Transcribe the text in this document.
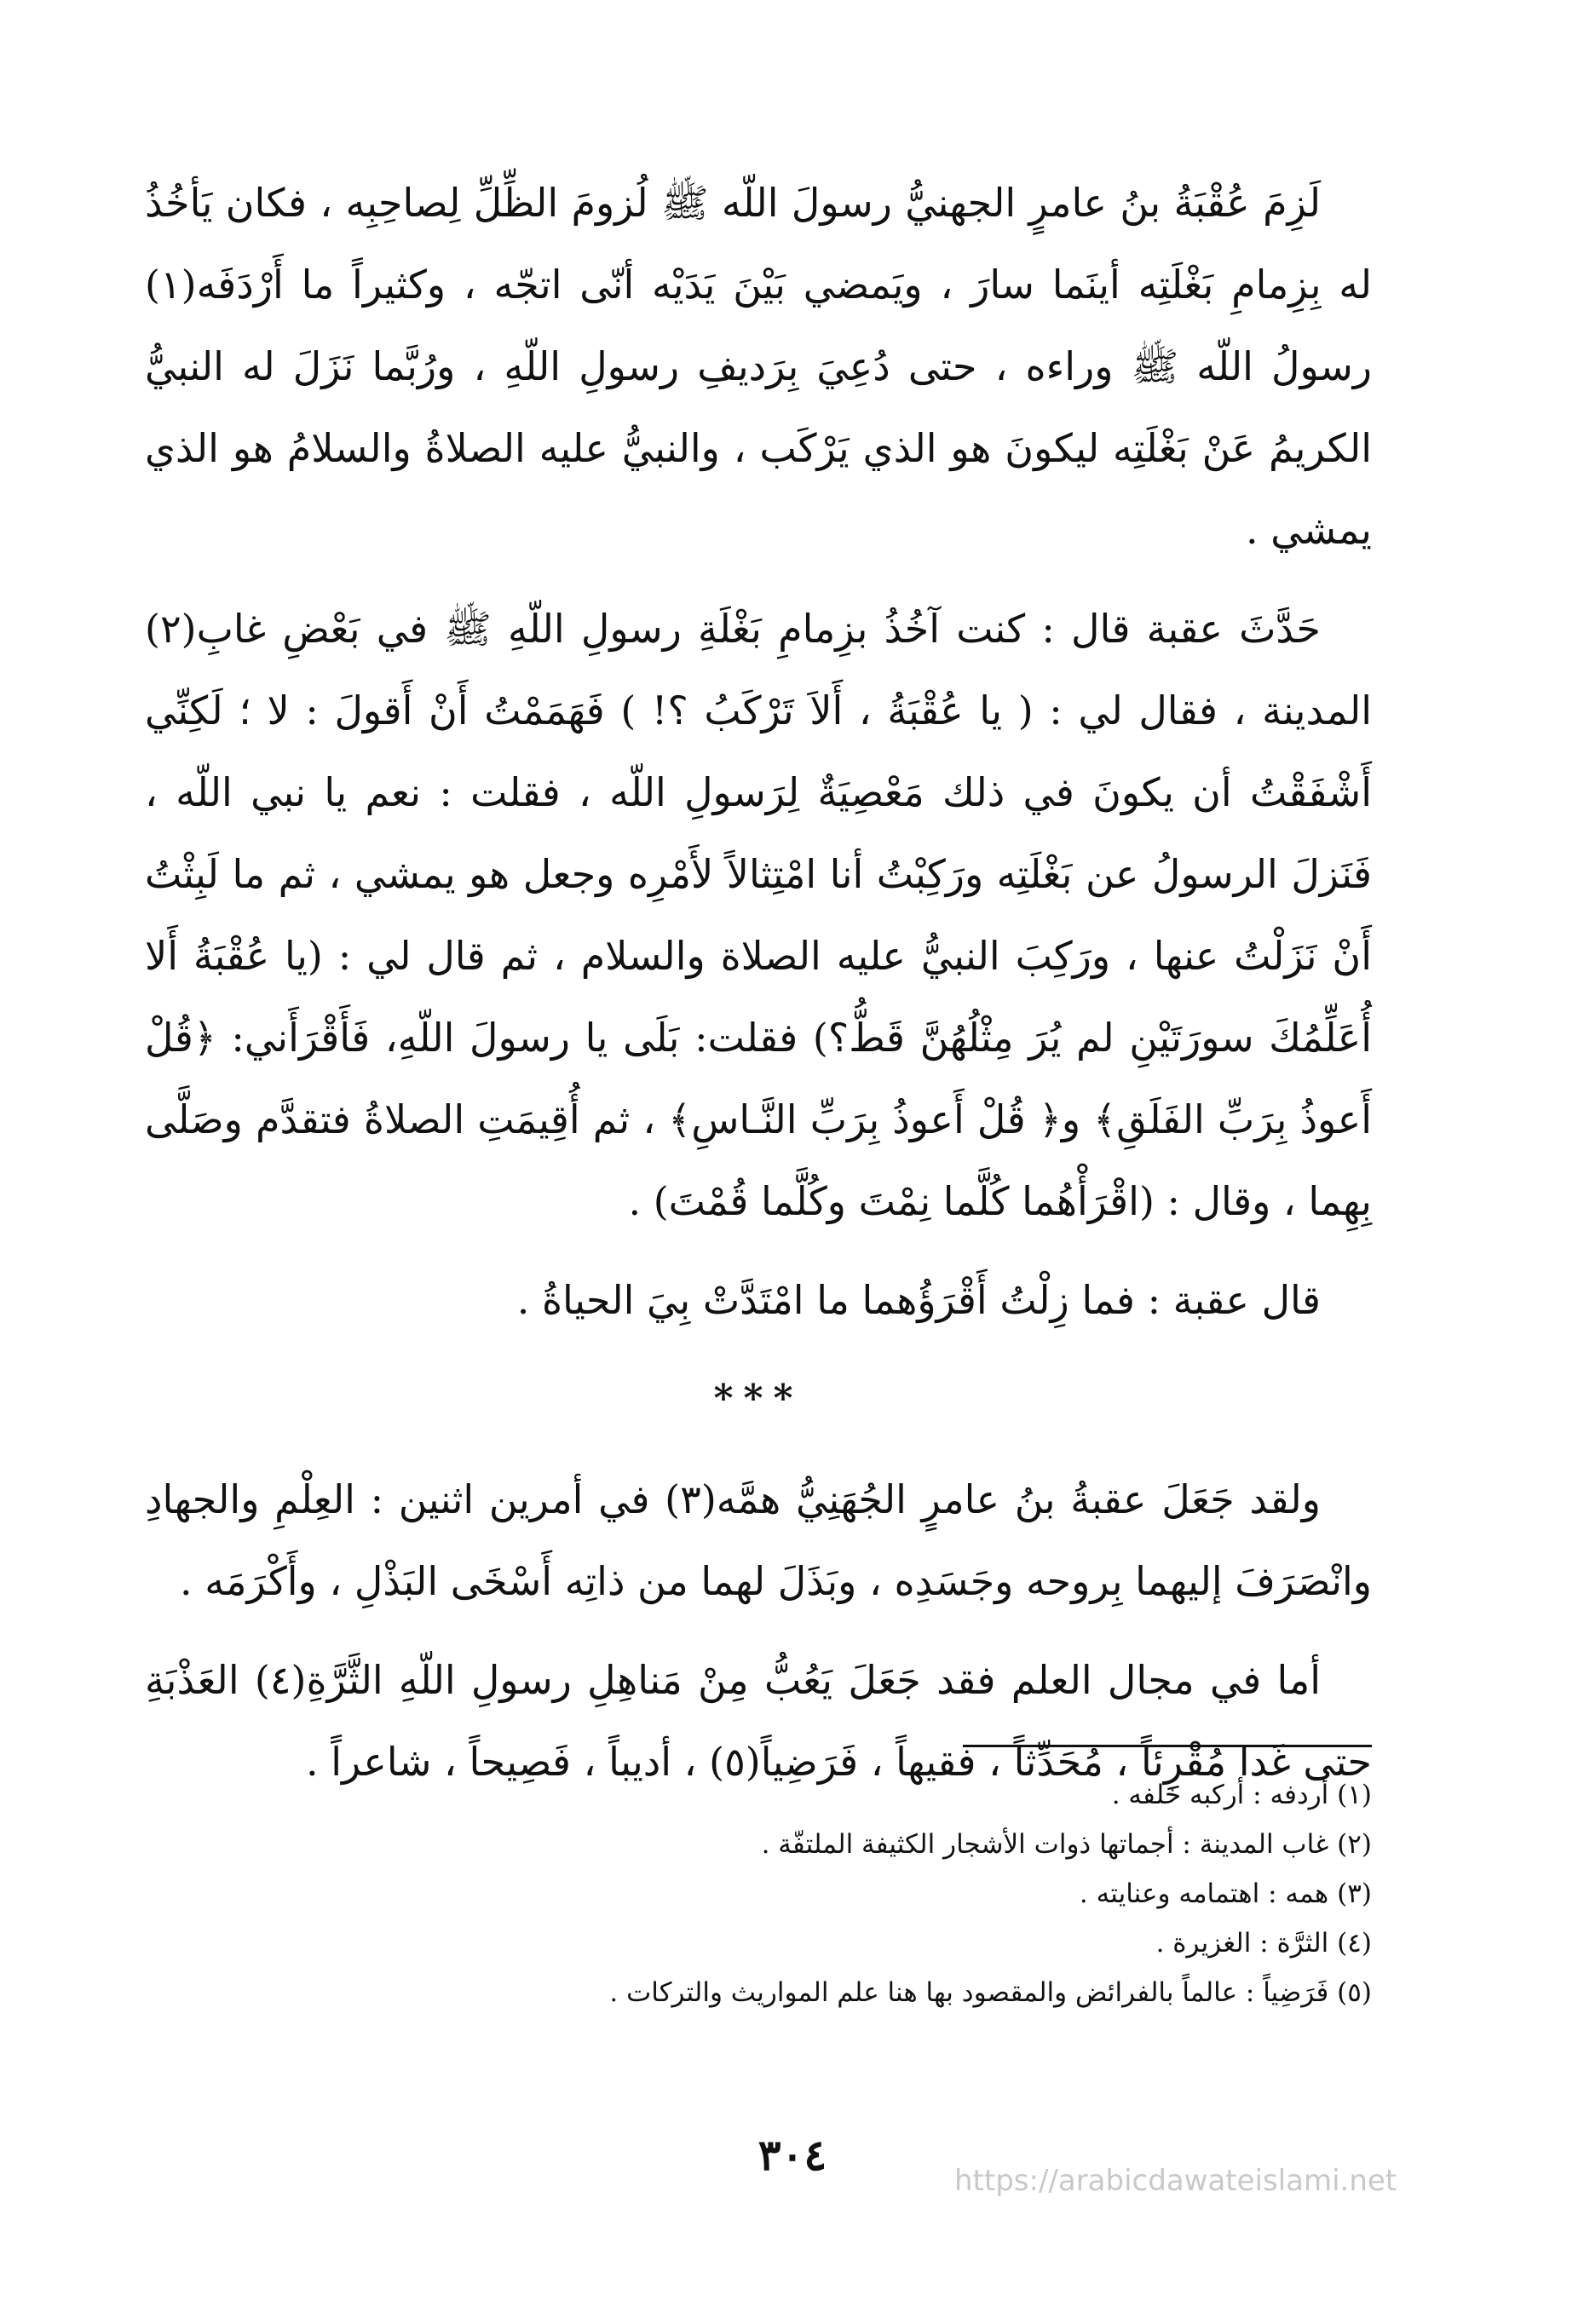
لَزِمَ عُقْبَةُ بنُ عامرٍ الجهنيُّ رسولَ اللّه ﷺ لُزومَ الظِّلِّ لِصاحِبِه ، فكان يَأخُذُ له بِزِمامِ بَغْلَتِه أينَما سارَ ، ويَمضي بَيْنَ يَدَيْه أنّى اتجّه ، وكثيراً ما أَرْدَفَه(١) رسولُ اللّه ﷺ وراءه ، حتى دُعِيَ بِرَديفِ رسولِ اللّهِ ، ورُبَّما نَزَلَ له النبيُّ الكريمُ عَنْ بَغْلَتِه ليكونَ هو الذي يَرْكَب ، والنبيُّ عليه الصلاةُ والسلامُ هو الذي يمشي .

حَدَّثَ عقبة قال : كنت آخُذُ بزِمامِ بَغْلَةِ رسولِ اللّهِ ﷺ في بَعْضِ غابِ(٢) المدينة ، فقال لي : ( يا عُقْبَةُ ، أَلاَ تَرْكَبُ ؟! ) فَهَمَمْتُ أَنْ أَقولَ : لا ؛ لَكِنِّي أَشْفَقْتُ أن يكونَ في ذلك مَعْصِيَةٌ لِرَسولِ اللّه ، فقلت : نعم يا نبي اللّه ، فَنَزلَ الرسولُ عن بَغْلَتِه ورَكِبْتُ أنا امْتِثالاً لأَمْرِه وجعل هو يمشي ، ثم ما لَبِثْتُ أَنْ نَزَلْتُ عنها ، ورَكِبَ النبيُّ عليه الصلاة والسلام ، ثم قال لي : (يا عُقْبَةُ أَلا أُعَلِّمُكَ سورَتَيْنِ لم يُرَ مِثْلُهُنَّ قَطُّ؟) فقلت: بَلَى يا رسولَ اللّهِ، فَأَقْرَأَني: ﴿قُلْ أَعوذُ بِرَبِّ الفَلَقِ﴾ و﴿ قُلْ أَعوذُ بِرَبِّ النَّـاسِ﴾ ، ثم أُقِيمَتِ الصلاةُ فتقدَّم وصَلَّى بِهِما ، وقال : (اقْرَأْهُما كُلَّما نِمْتَ وكُلَّما قُمْتَ) .

قال عقبة : فما زِلْتُ أَقْرَؤُهما ما امْتَدَّتْ بِيَ الحياةُ .

***

ولقد جَعَلَ عقبةُ بنُ عامرٍ الجُهَنِيُّ همَّه(٣) في أمرين اثنين : العِلْمِ والجهادِ وانْصَرَفَ إليهما بِروحه وجَسَدِه ، وبَذَلَ لهما من ذاتِه أَسْخَى البَذْلِ ، وأَكْرَمَه .

أما في مجال العلم فقد جَعَلَ يَعُبُّ مِنْ مَناهِلِ رسولِ اللّهِ الثَّرَّةِ(٤) العَذْبَةِ حتى غَدا مُقْرِئاً ، مُحَدِّثاً ، فقيهاً ، فَرَضِياً(٥) ، أديباً ، فَصِيحاً ، شاعراً .

(١) أردفه : أركبه خلفه .
(٢) غاب المدينة : أجماتها ذوات الأشجار الكثيفة الملتفّة .
(٣) همه : اهتمامه وعنايته .
(٤) الثرَّة : الغزيرة .
(٥) فَرَضِياً : عالماً بالفرائض والمقصود بها هنا علم المواريث والتركات .
٣٠٤
https://arabicdawateislami.net
